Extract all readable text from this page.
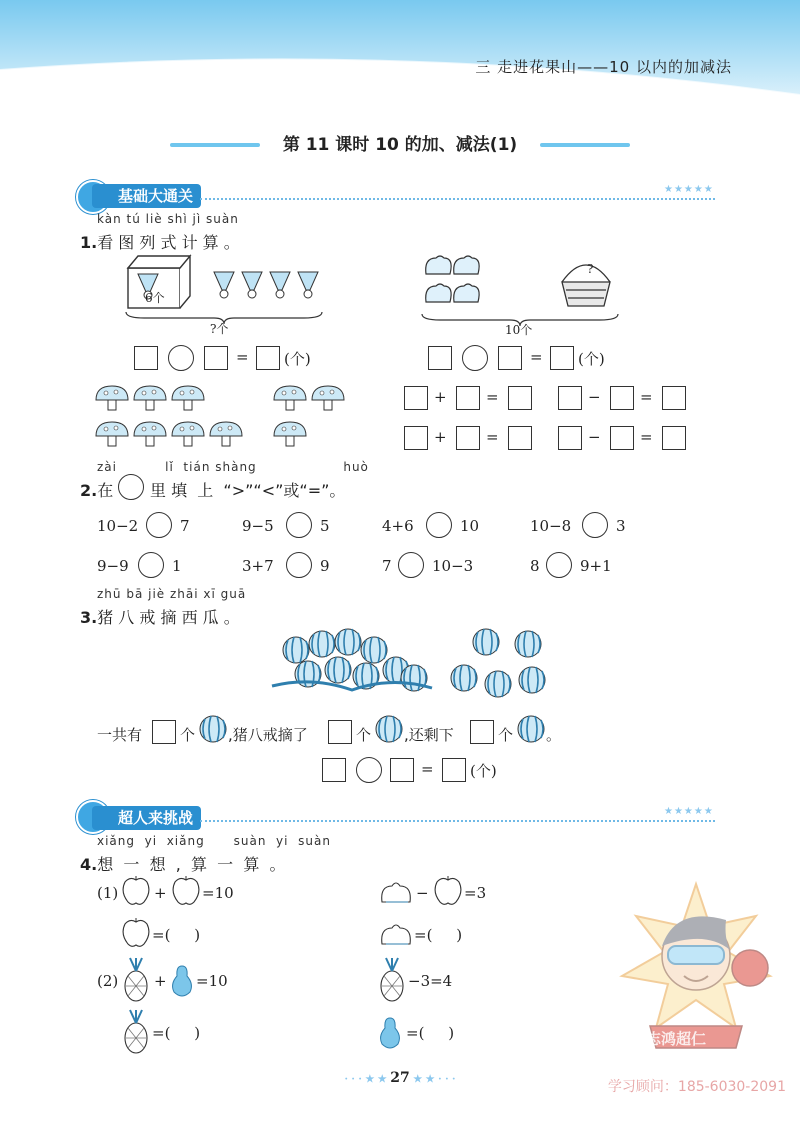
三 走进花果山——10 以内的加减法
第 11 课时 10 的加、减法(1)
基础大通关	★★★★★
kàn tú liè shì jì suàn
1.看 图 列 式 计 算 。
6个
?个
= (个)
?
10个
= (个)
+	=	−	=
+	=	−	=
zài          lǐ  tián shàng                  huò
2.在 里 填  上  “>”“<”或“=”。
10−2	7	9−5	5	4+6	10	10−8	3
9−9	1	3+7	9	7	10−3	8	9+1
zhū bā jiè zhāi xī guā
3.猪 八 戒 摘 西 瓜 。
一共有	个 ,猪八戒摘了	个 ,还剩下	个 。
= (个)
超人来挑战	★★★★★
xiǎng  yi  xiǎng      suàn  yi  suàn
4.想  一  想  ,  算  一  算  。
(1) + =10	− =3
=(     )	=(     )
(2) + =10	−3=4
=(     )	=(     )	志鸿超仁
· · · ★ ★ 27 ★ ★ · · ·	学习顾问：185-6030-2091
